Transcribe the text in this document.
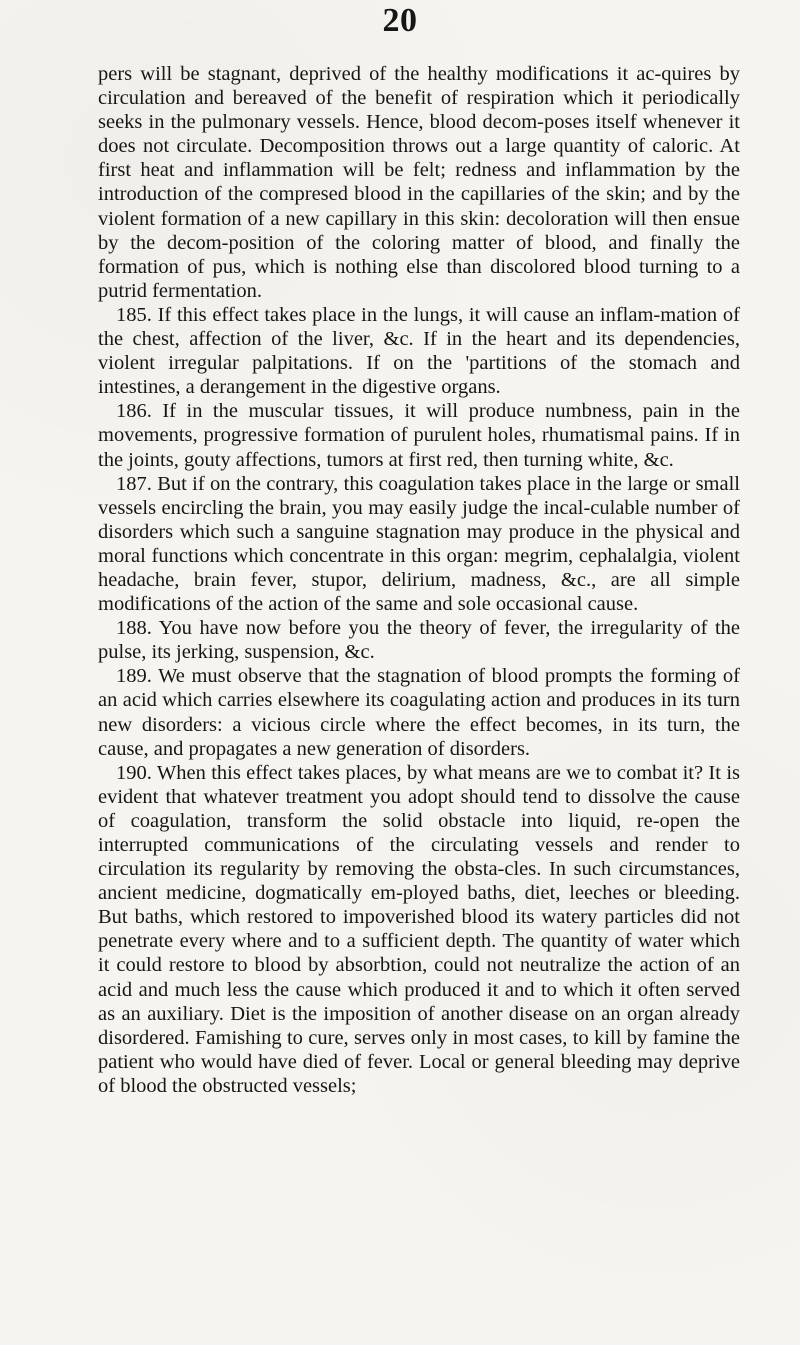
20

pers will be stagnant, deprived of the healthy modifications it ac-quires by circulation and bereaved of the benefit of respiration which it periodically seeks in the pulmonary vessels. Hence, blood decom-poses itself whenever it does not circulate. Decomposition throws out a large quantity of caloric. At first heat and inflammation will be felt; redness and inflammation by the introduction of the compresed blood in the capillaries of the skin; and by the violent formation of a new capillary in this skin: decoloration will then ensue by the decom-position of the coloring matter of blood, and finally the formation of pus, which is nothing else than discolored blood turning to a putrid fermentation.

185. If this effect takes place in the lungs, it will cause an inflam-mation of the chest, affection of the liver, &c. If in the heart and its dependencies, violent irregular palpitations. If on the 'partitions of the stomach and intestines, a derangement in the digestive organs.

186. If in the muscular tissues, it will produce numbness, pain in the movements, progressive formation of purulent holes, rhumatismal pains. If in the joints, gouty affections, tumors at first red, then turning white, &c.

187. But if on the contrary, this coagulation takes place in the large or small vessels encircling the brain, you may easily judge the incal-culable number of disorders which such a sanguine stagnation may produce in the physical and moral functions which concentrate in this organ: megrim, cephalalgia, violent headache, brain fever, stupor, delirium, madness, &c., are all simple modifications of the action of the same and sole occasional cause.

188. You have now before you the theory of fever, the irregularity of the pulse, its jerking, suspension, &c.

189. We must observe that the stagnation of blood prompts the forming of an acid which carries elsewhere its coagulating action and produces in its turn new disorders: a vicious circle where the effect becomes, in its turn, the cause, and propagates a new generation of disorders.

190. When this effect takes places, by what means are we to combat it? It is evident that whatever treatment you adopt should tend to dissolve the cause of coagulation, transform the solid obstacle into liquid, re-open the interrupted communications of the circulating vessels and render to circulation its regularity by removing the obsta-cles. In such circumstances, ancient medicine, dogmatically em-ployed baths, diet, leeches or bleeding. But baths, which restored to impoverished blood its watery particles did not penetrate every where and to a sufficient depth. The quantity of water which it could restore to blood by absorbtion, could not neutralize the action of an acid and much less the cause which produced it and to which it often served as an auxiliary. Diet is the imposition of another disease on an organ already disordered. Famishing to cure, serves only in most cases, to kill by famine the patient who would have died of fever. Local or general bleeding may deprive of blood the obstructed vessels;
